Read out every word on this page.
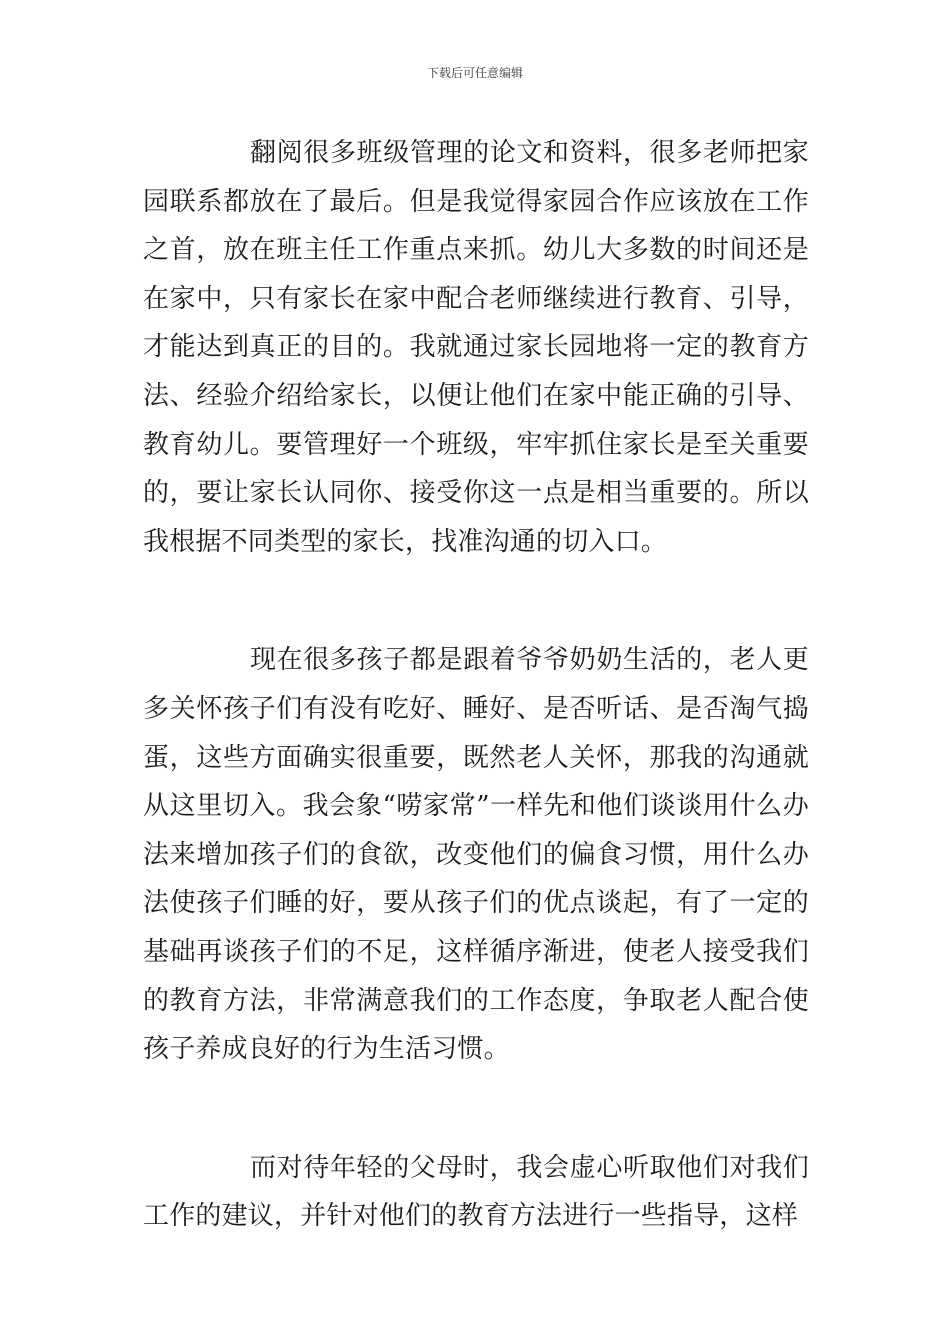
下载后可任意编辑

翻阅很多班级管理的论文和资料，很多老师把家园联系都放在了最后。但是我觉得家园合作应该放在工作之首，放在班主任工作重点来抓。幼儿大多数的时间还是在家中，只有家长在家中配合老师继续进行教育、引导，才能达到真正的目的。我就通过家长园地将一定的教育方法、经验介绍给家长，以便让他们在家中能正确的引导、教育幼儿。要管理好一个班级，牢牢抓住家长是至关重要的，要让家长认同你、接受你这一点是相当重要的。所以我根据不同类型的家长，找准沟通的切入口。

现在很多孩子都是跟着爷爷奶奶生活的，老人更多关怀孩子们有没有吃好、睡好、是否听话、是否淘气捣蛋，这些方面确实很重要，既然老人关怀，那我的沟通就从这里切入。我会象“唠家常”一样先和他们谈谈用什么办法来增加孩子们的食欲，改变他们的偏食习惯，用什么办法使孩子们睡的好，要从孩子们的优点谈起，有了一定的基础再谈孩子们的不足，这样循序渐进，使老人接受我们的教育方法，非常满意我们的工作态度，争取老人配合使孩子养成良好的行为生活习惯。

而对待年轻的父母时，我会虚心听取他们对我们工作的建议，并针对他们的教育方法进行一些指导，这样
